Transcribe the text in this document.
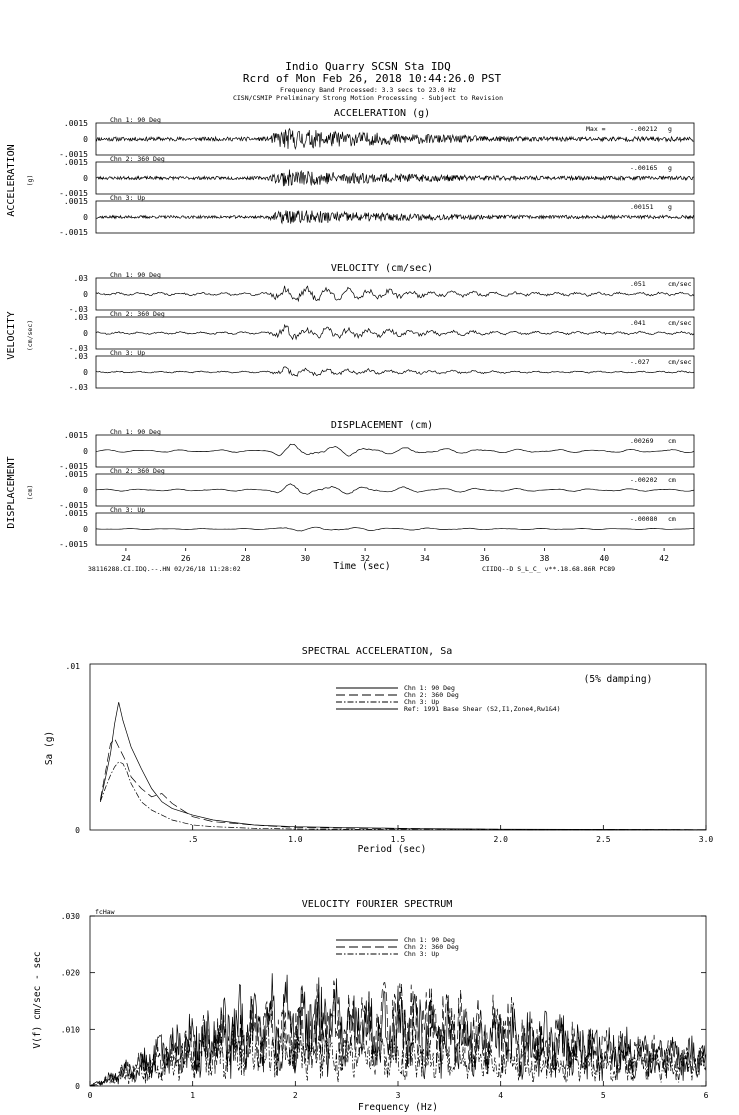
Indio Quarry SCSN Sta IDQ
Rcrd of Mon Feb 26, 2018 10:44:26.0 PST
Frequency Band Processed: 3.3 secs to 23.0 Hz
CISN/CSMIP Preliminary Strong Motion Processing - Subject to Revision
ACCELERATION (g)
ACCELERATION (g)
.0015
0
-.0015
Chn 1: 90 Deg
Max =	-.00212 g
.0015
0
-.0015
Chn 2: 360 Deg
-.00165 g
.0015
0
-.0015
Chn 3: Up
.00151 g
VELOCITY (cm/sec)
VELOCITY (cm/sec)
.03
0
-.03
Chn 1: 90 Deg
.051	cm/sec
.03
0
-.03
Chn 2: 360 Deg
.041	cm/sec
.03
0
-.03
Chn 3: Up
-.027	cm/sec
DISPLACEMENT (cm)
DISPLACEMENT (cm)
.0015
0
-.0015
Chn 1: 90 Deg
.00269 cm
.0015
0
-.0015
Chn 2: 360 Deg
-.00202 cm
.0015
0
-.0015
Chn 3: Up
-.00080 cm
24	26	28	30	32	34	36	38	40	42
Time (sec)
38116288.CI.IDQ.--.HN 02/26/18 11:28:02	CIIDQ--D S_L_C_ v**.18.68.86R PC89
SPECTRAL ACCELERATION, Sa
.01
0
Sa (g)
Period (sec)
(5% damping)
.5	1.0	1.5	2.0	2.5	3.0
Chn 1: 90 Deg
Chn 2: 360 Deg
Chn 3: Up
Ref: 1991 Base Shear (S2,I1,Zone4,Rw1&4)
VELOCITY FOURIER SPECTRUM
fcHaw
V(f) cm/sec - sec
Frequency (Hz)
.030
.020
.010
0
0	1	2	3	4	5	6
Chn 1: 90 Deg
Chn 2: 360 Deg
Chn 3: Up
